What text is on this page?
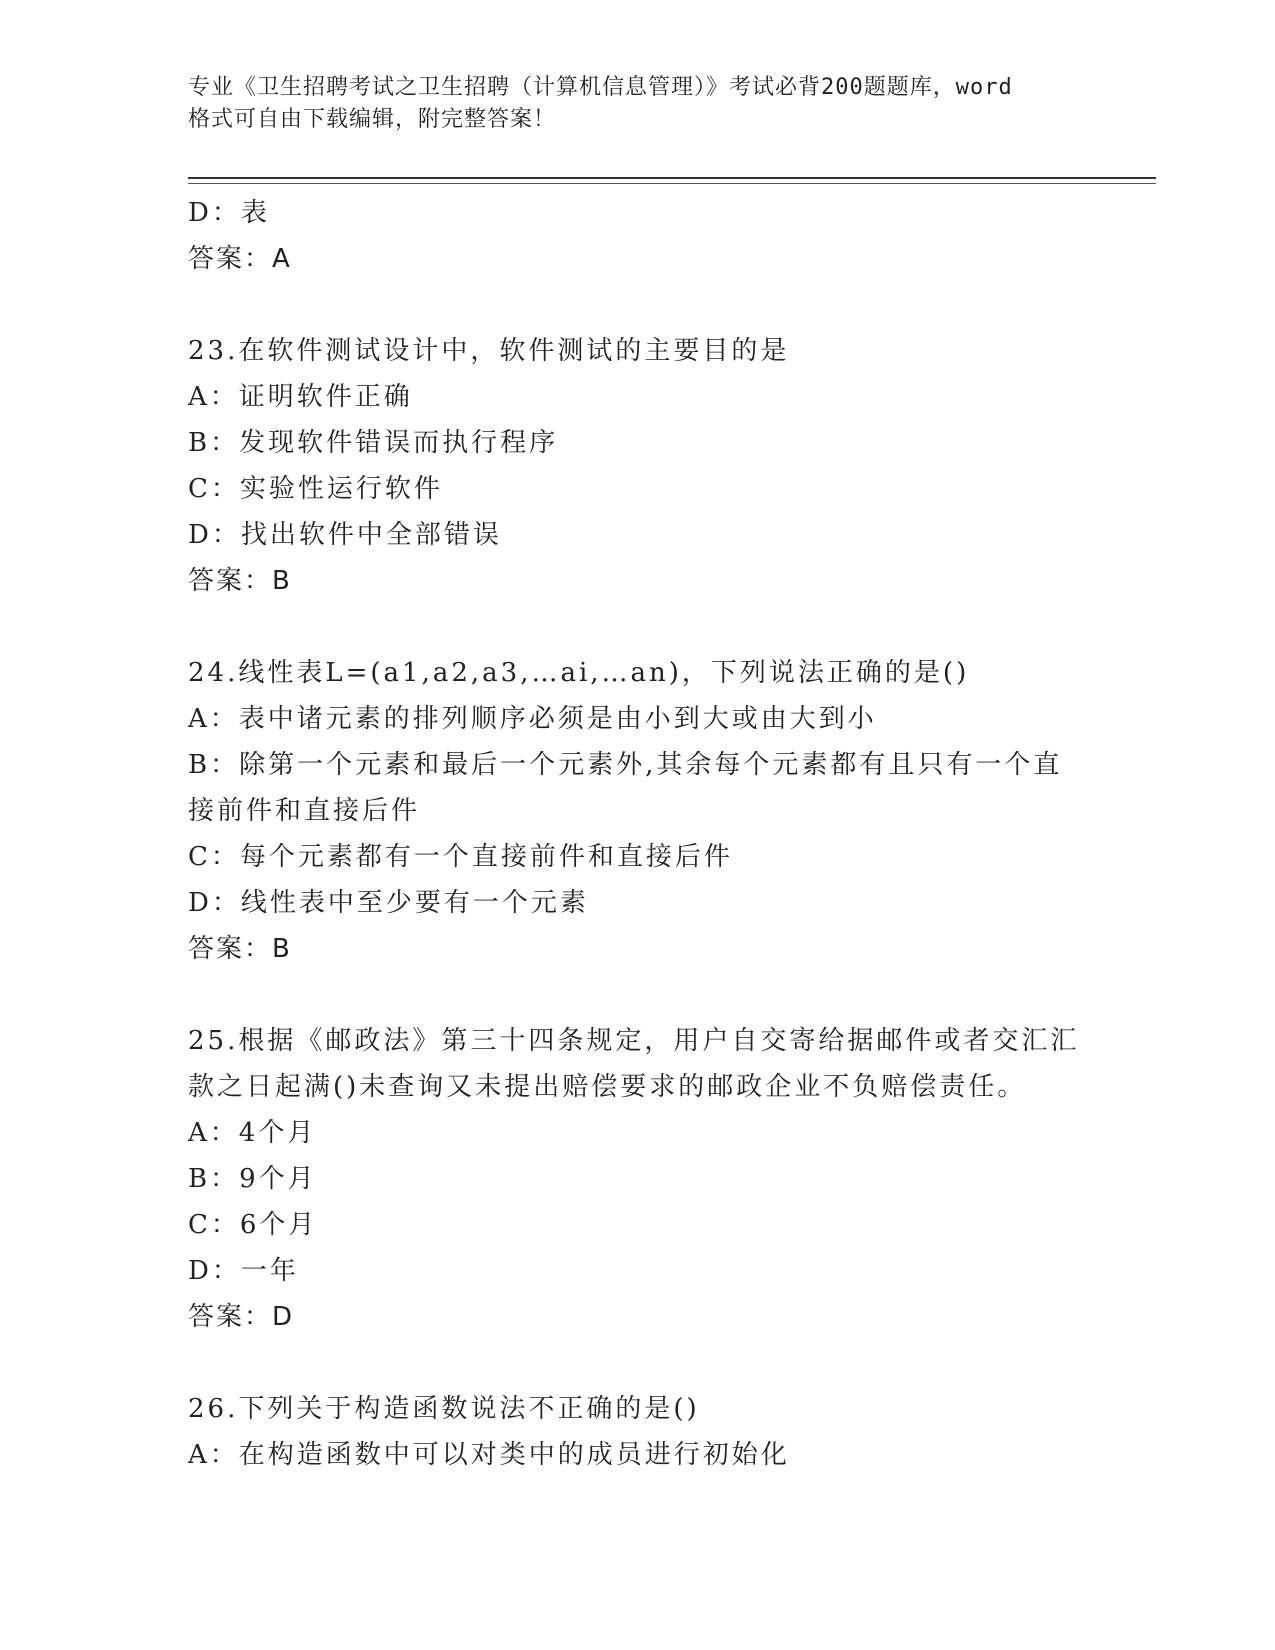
专业《卫生招聘考试之卫生招聘（计算机信息管理）》考试必背200题题库，word
格式可自由下载编辑，附完整答案！
D：表
答案：A
23.在软件测试设计中，软件测试的主要目的是
A：证明软件正确
B：发现软件错误而执行程序
C：实验性运行软件
D：找出软件中全部错误
答案：B
24.线性表L=(a1,a2,a3,…ai,…an)，下列说法正确的是()
A：表中诸元素的排列顺序必须是由小到大或由大到小
B：除第一个元素和最后一个元素外,其余每个元素都有且只有一个直
接前件和直接后件
C：每个元素都有一个直接前件和直接后件
D：线性表中至少要有一个元素
答案：B
25.根据《邮政法》第三十四条规定，用户自交寄给据邮件或者交汇汇
款之日起满()未查询又未提出赔偿要求的邮政企业不负赔偿责任。
A：4个月
B：9个月
C：6个月
D：一年
答案：D
26.下列关于构造函数说法不正确的是()
A：在构造函数中可以对类中的成员进行初始化
